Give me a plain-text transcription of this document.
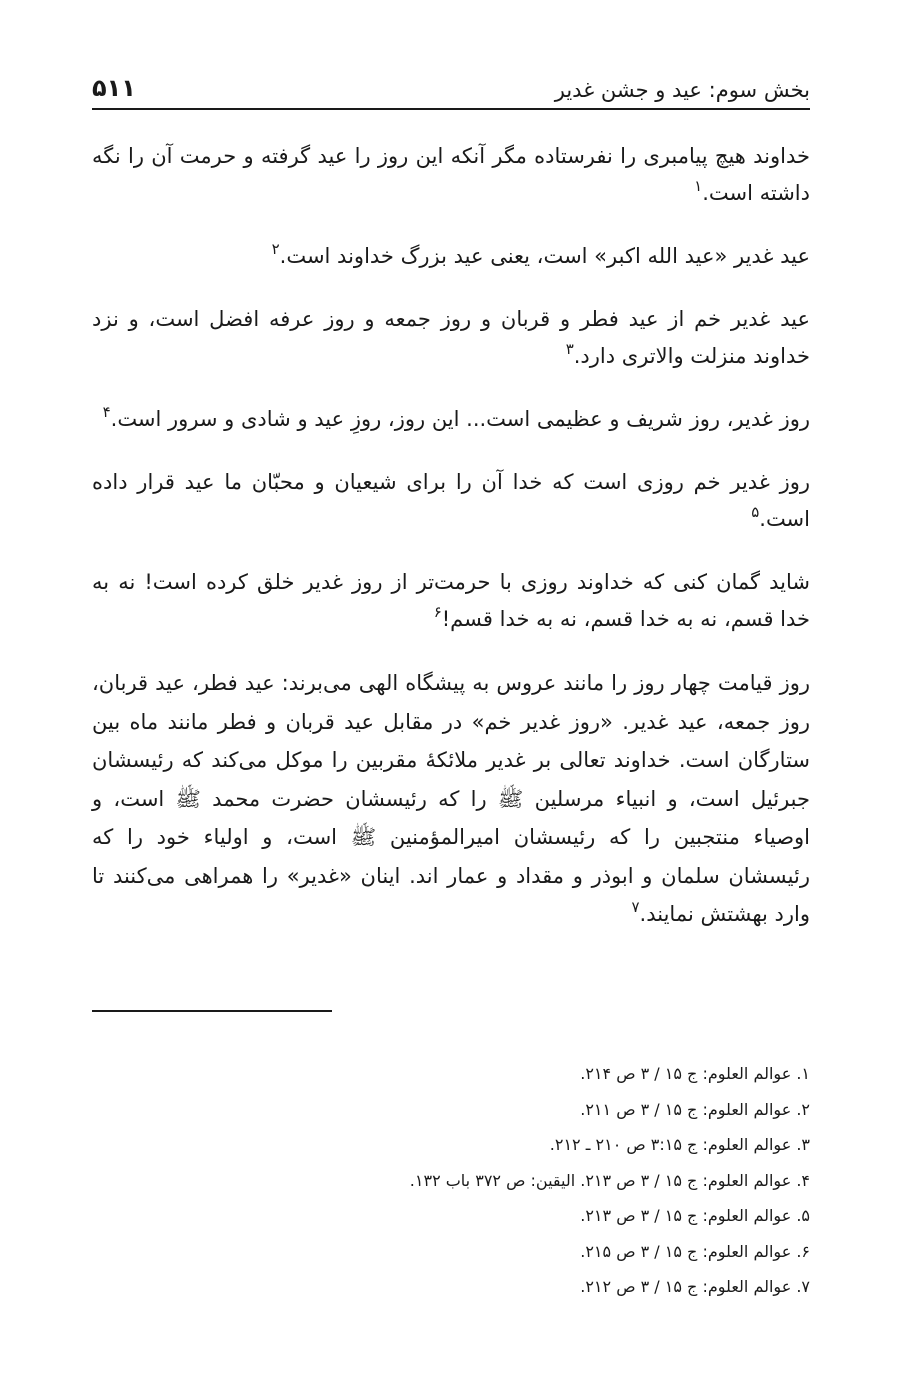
بخش سوم: عید و جشن غدیر
۵۱۱

خداوند هیچ پیامبری را نفرستاده مگر آنکه این روز را عید گرفته و حرمت آن را نگه داشته است.$^۱$

عید غدیر «عید الله اکبر» است، یعنی عید بزرگ خداوند است.$^۲$

عید غدیر خم از عید فطر و قربان و روز جمعه و روز عرفه افضل است، و نزد خداوند منزلت والاتری دارد.$^۳$

روز غدیر، روز شریف و عظیمی است... این روز، روزِ عید و شادی و سرور است.$^۴$

روز غدیر خم روزی است که خدا آن را برای شیعیان و محبّان ما عید قرار داده است.$^۵$

شاید گمان کنی که خداوند روزی با حرمت‌تر از روز غدیر خلق کرده است! نه به خدا قسم، نه به خدا قسم، نه به خدا قسم!$^۶$

روز قیامت چهار روز را مانند عروس به پیشگاه الهی می‌برند: عید فطر، عید قربان، روز جمعه، عید غدیر. «روز غدیر خم» در مقابل عید قربان و فطر مانند ماه بین ستارگان است. خداوند تعالی بر غدیر ملائکهٔ مقربین را موکل می‌کند که رئیسشان جبرئیل است، و انبیاء مرسلین ﷺ را که رئیسشان حضرت محمد ﷺ است، و اوصیاء منتجبین را که رئیسشان امیرالمؤمنین ﷺ است، و اولیاء خود را که رئیسشان سلمان و ابوذر و مقداد و عمار اند. اینان «غدیر» را همراهی می‌کنند تا وارد بهشتش نمایند.$^۷$

۱. عوالم العلوم: ج ۱۵ / ۳ ص ۲۱۴.
۲. عوالم العلوم: ج ۱۵ / ۳ ص ۲۱۱.
۳. عوالم العلوم: ج ۳:۱۵ ص ۲۱۰ ـ ۲۱۲.
۴. عوالم العلوم: ج ۱۵ / ۳ ص ۲۱۳. الیقین: ص ۳۷۲ باب ۱۳۲.
۵. عوالم العلوم: ج ۱۵ / ۳ ص ۲۱۳.
۶. عوالم العلوم: ج ۱۵ / ۳ ص ۲۱۵.
۷. عوالم العلوم: ج ۱۵ / ۳ ص ۲۱۲.
